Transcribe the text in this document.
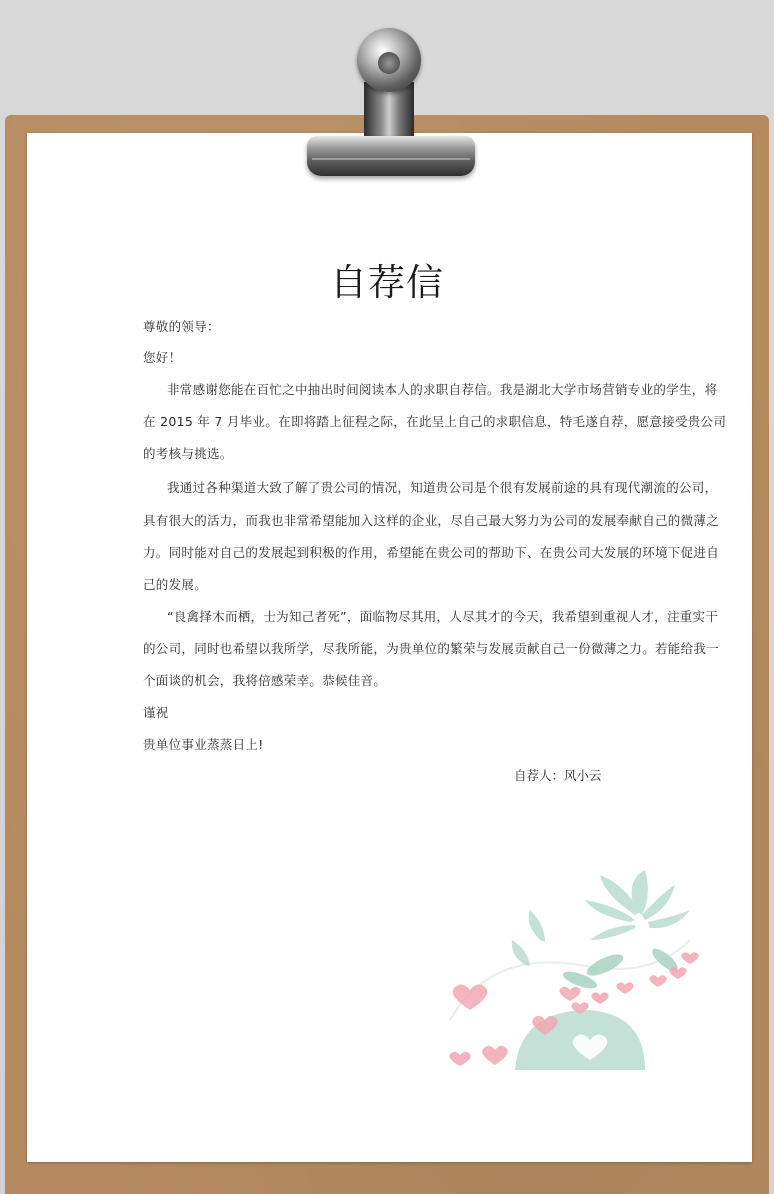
自荐信
尊敬的领导：
您好！
非常感谢您能在百忙之中抽出时间阅读本人的求职自荐信。我是湖北大学市场营销专业的学生，将
在 2015 年 7 月毕业。在即将踏上征程之际，在此呈上自己的求职信息，特毛遂自荐，愿意接受贵公司
的考核与挑选。
我通过各种渠道大致了解了贵公司的情况，知道贵公司是个很有发展前途的具有现代潮流的公司，
具有很大的活力，而我也非常希望能加入这样的企业，尽自己最大努力为公司的发展奉献自己的微薄之
力。同时能对自己的发展起到积极的作用，希望能在贵公司的帮助下、在贵公司大发展的环境下促进自
己的发展。
“良禽择木而栖，士为知己者死”，面临物尽其用，人尽其才的今天，我希望到重视人才，注重实干
的公司，同时也希望以我所学，尽我所能，为贵单位的繁荣与发展贡献自己一份微薄之力。若能给我一
个面谈的机会，我将倍感荣幸。恭候佳音。
谨祝
贵单位事业蒸蒸日上!
自荐人：风小云
